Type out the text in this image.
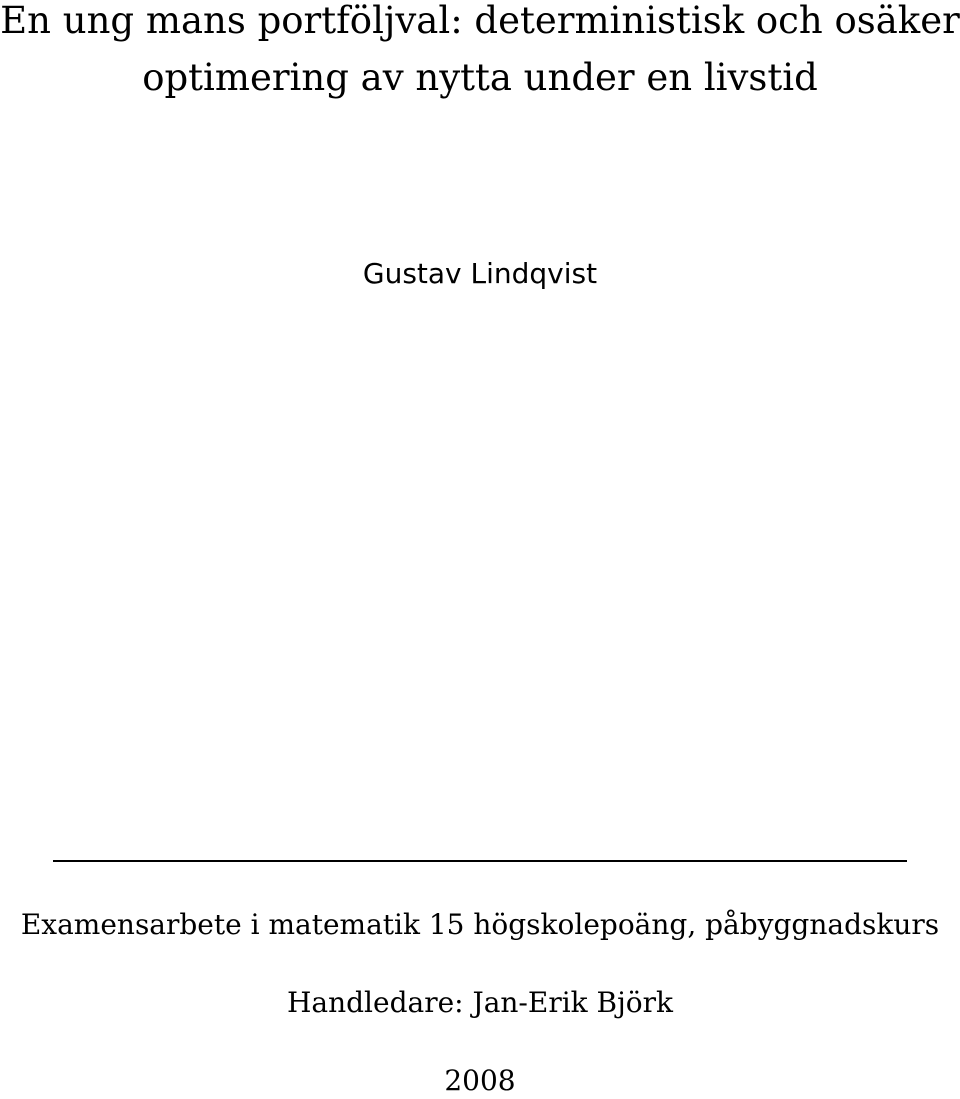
En ung mans portföljval: deterministisk och osäker
optimering av nytta under en livstid
Gustav Lindqvist
Examensarbete i matematik 15 högskolepoäng, påbyggnadskurs
Handledare: Jan-Erik Björk
2008
